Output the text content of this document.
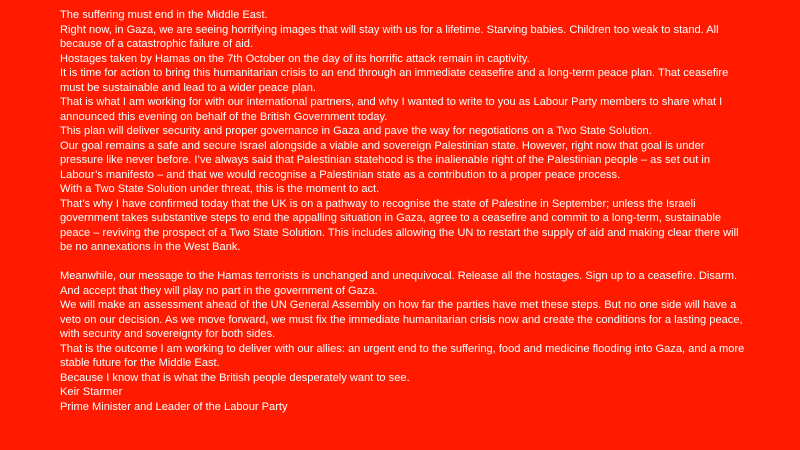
The suffering must end in the Middle East.

Right now, in Gaza, we are seeing horrifying images that will stay with us for a lifetime. Starving babies. Children too weak to stand. All because of a catastrophic failure of aid.

Hostages taken by Hamas on the 7th October on the day of its horrific attack remain in captivity.

It is time for action to bring this humanitarian crisis to an end through an immediate ceasefire and a long-term peace plan. That ceasefire must be sustainable and lead to a wider peace plan.

That is what I am working for with our international partners, and why I wanted to write to you as Labour Party members to share what I announced this evening on behalf of the British Government today.

This plan will deliver security and proper governance in Gaza and pave the way for negotiations on a Two State Solution.

Our goal remains a safe and secure Israel alongside a viable and sovereign Palestinian state. However, right now that goal is under pressure like never before. I’ve always said that Palestinian statehood is the inalienable right of the Palestinian people – as set out in Labour’s manifesto – and that we would recognise a Palestinian state as a contribution to a proper peace process.

With a Two State Solution under threat, this is the moment to act.

That’s why I have confirmed today that the UK is on a pathway to recognise the state of Palestine in September; unless the Israeli government takes substantive steps to end the appalling situation in Gaza, agree to a ceasefire and commit to a long-term, sustainable peace – reviving the prospect of a Two State Solution. This includes allowing the UN to restart the supply of aid and making clear there will be no annexations in the West Bank.

Meanwhile, our message to the Hamas terrorists is unchanged and unequivocal. Release all the hostages. Sign up to a ceasefire. Disarm. And accept that they will play no part in the government of Gaza.

We will make an assessment ahead of the UN General Assembly on how far the parties have met these steps. But no one side will have a veto on our decision. As we move forward, we must fix the immediate humanitarian crisis now and create the conditions for a lasting peace, with security and sovereignty for both sides.

That is the outcome I am working to deliver with our allies: an urgent end to the suffering, food and medicine flooding into Gaza, and a more stable future for the Middle East.

Because I know that is what the British people desperately want to see.

Keir Starmer

Prime Minister and Leader of the Labour Party
